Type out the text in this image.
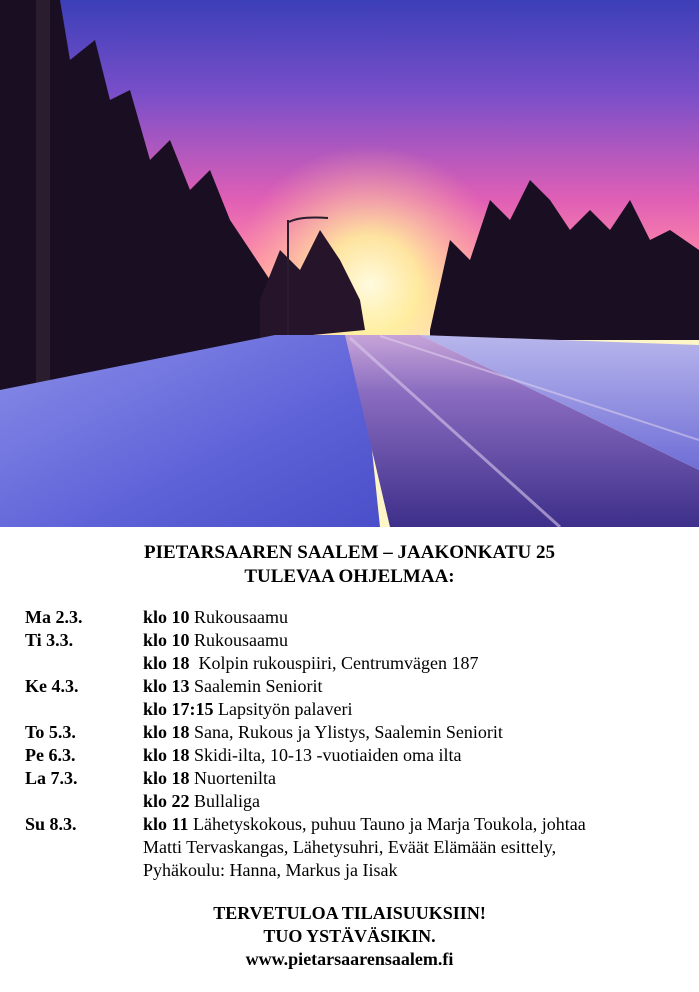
PIETARSAAREN SAALEM – JAAKONKATU 25
TULEVAA OHJELMAA:
Ma 2.3.	klo 10 Rukousaamu
Ti 3.3.	klo 10 Rukousaamu
klo 18 Kolpin rukouspiiri, Centrumvägen 187
Ke 4.3.	klo 13 Saalemin Seniorit
klo 17:15 Lapsityön palaveri
To 5.3.	klo 18 Sana, Rukous ja Ylistys, Saalemin Seniorit
Pe 6.3.	klo 18 Skidi-ilta, 10-13 -vuotiaiden oma ilta
La 7.3.	klo 18 Nuortenilta
klo 22 Bullaliga
Su 8.3.	klo 11 Lähetyskokous, puhuu Tauno ja Marja Toukola, johtaa
Matti Tervaskangas, Lähetysuhri, Eväät Elämään esittely,
Pyhäkoulu: Hanna, Markus ja Iisak
TERVETULOA TILAISUUKSIIN!
TUO YSTÄVÄSIKIN.
www.pietarsaarensaalem.fi
